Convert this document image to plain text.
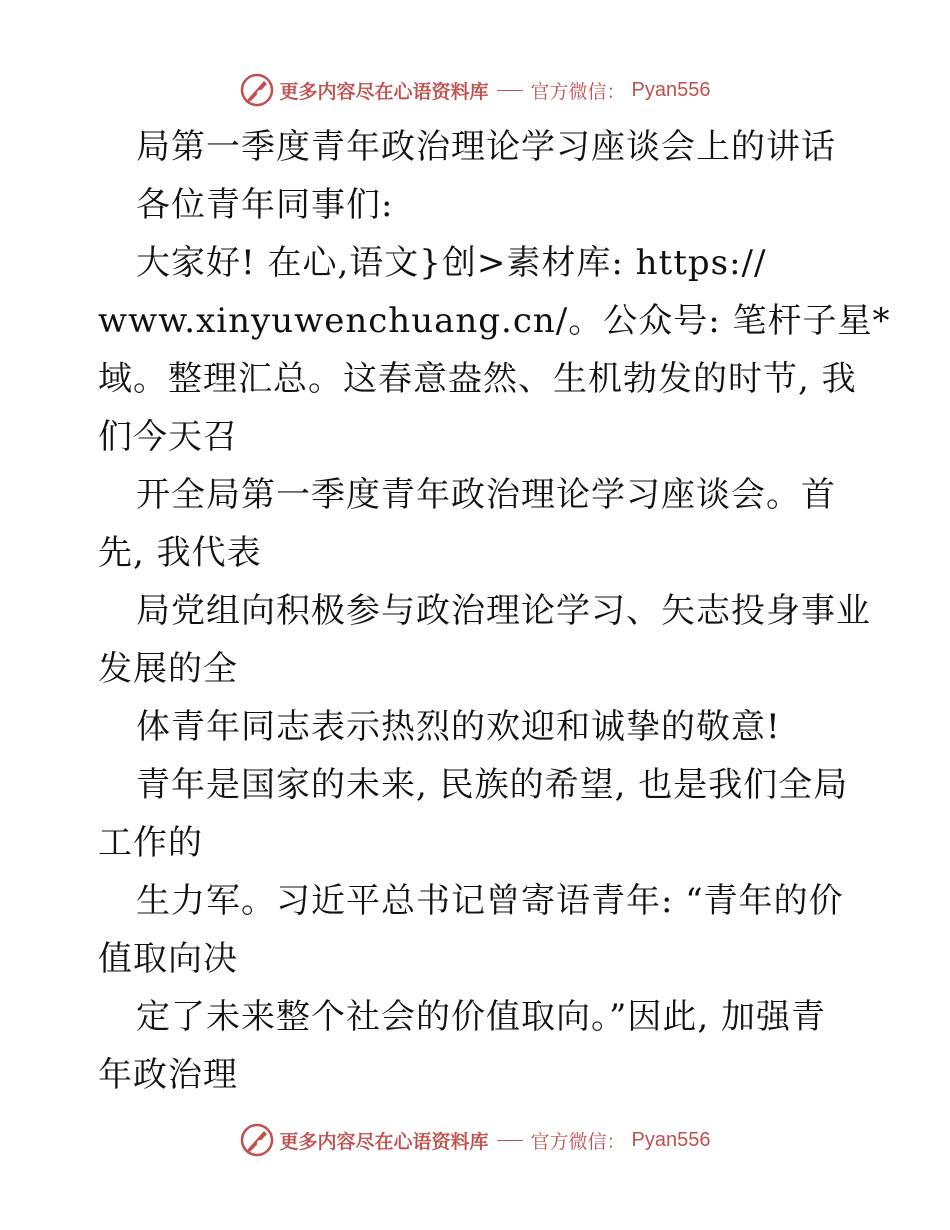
更多内容尽在心语资料库 官方微信： Pyan556
局第一季度青年政治理论学习座谈会上的讲话
各位青年同事们:
大家好! 在心,语文}创>素材库: https://
www.xinyuwenchuang.cn/。公众号: 笔杆子星*
域。整理汇总。这春意盎然、生机勃发的时节, 我
们今天召
开全局第一季度青年政治理论学习座谈会。首
先, 我代表
局党组向积极参与政治理论学习、矢志投身事业
发展的全
体青年同志表示热烈的欢迎和诚挚的敬意!
青年是国家的未来, 民族的希望, 也是我们全局
工作的
生力军。习近平总书记曾寄语青年: “青年的价
值取向决
定了未来整个社会的价值取向。”因此, 加强青
年政治理
更多内容尽在心语资料库 官方微信： Pyan556
